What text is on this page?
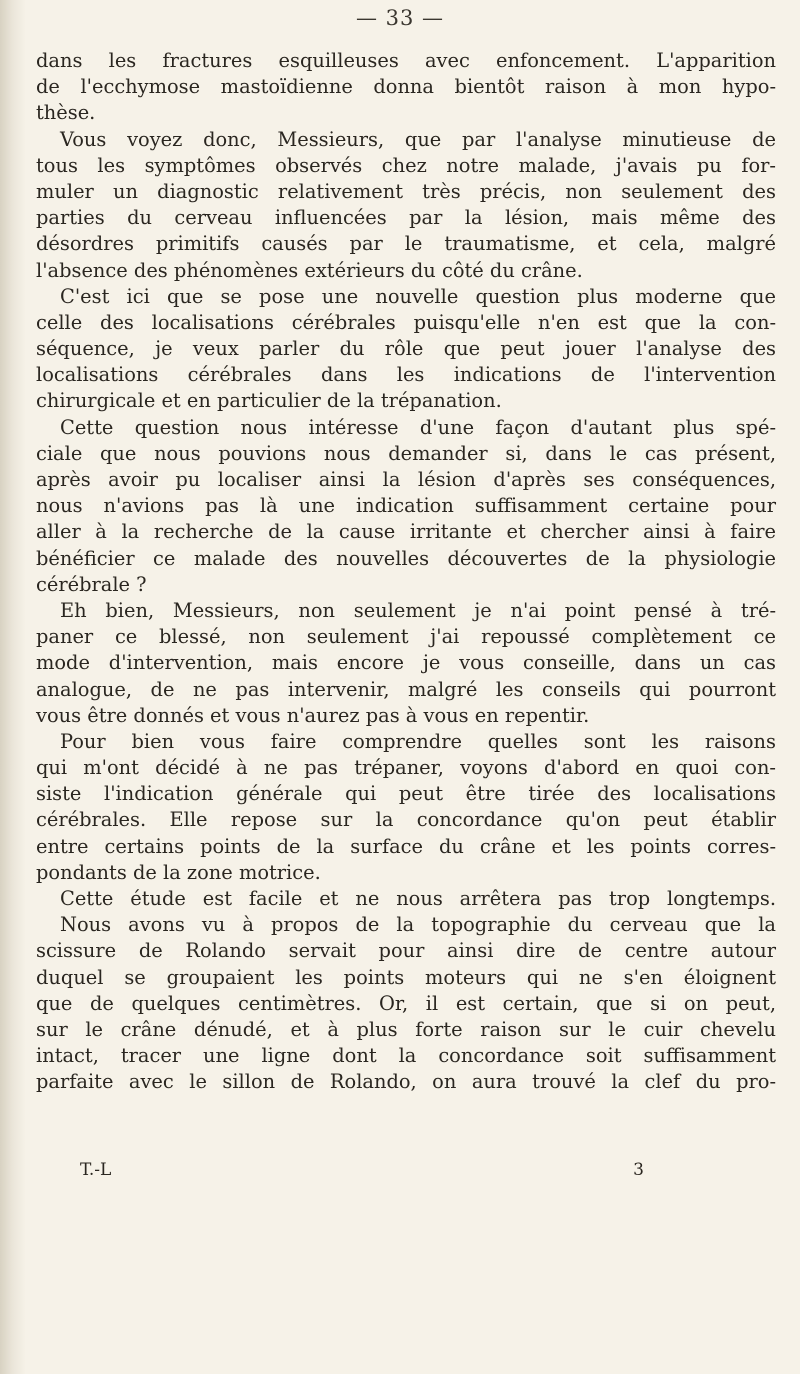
— 33 —
dans les fractures esquilleuses avec enfoncement. L'apparition
de l'ecchymose mastoïdienne donna bientôt raison à mon hypo-
thèse.
Vous voyez donc, Messieurs, que par l'analyse minutieuse de
tous les symptômes observés chez notre malade, j'avais pu for-
muler un diagnostic relativement très précis, non seulement des
parties du cerveau influencées par la lésion, mais même des
désordres primitifs causés par le traumatisme, et cela, malgré
l'absence des phénomènes extérieurs du côté du crâne.
C'est ici que se pose une nouvelle question plus moderne que
celle des localisations cérébrales puisqu'elle n'en est que la con-
séquence, je veux parler du rôle que peut jouer l'analyse des
localisations cérébrales dans les indications de l'intervention
chirurgicale et en particulier de la trépanation.
Cette question nous intéresse d'une façon d'autant plus spé-
ciale que nous pouvions nous demander si, dans le cas présent,
après avoir pu localiser ainsi la lésion d'après ses conséquences,
nous n'avions pas là une indication suffisamment certaine pour
aller à la recherche de la cause irritante et chercher ainsi à faire
bénéficier ce malade des nouvelles découvertes de la physiologie
cérébrale ?
Eh bien, Messieurs, non seulement je n'ai point pensé à tré-
paner ce blessé, non seulement j'ai repoussé complètement ce
mode d'intervention, mais encore je vous conseille, dans un cas
analogue, de ne pas intervenir, malgré les conseils qui pourront
vous être donnés et vous n'aurez pas à vous en repentir.
Pour bien vous faire comprendre quelles sont les raisons
qui m'ont décidé à ne pas trépaner, voyons d'abord en quoi con-
siste l'indication générale qui peut être tirée des localisations
cérébrales. Elle repose sur la concordance qu'on peut établir
entre certains points de la surface du crâne et les points corres-
pondants de la zone motrice.
Cette étude est facile et ne nous arrêtera pas trop longtemps.
Nous avons vu à propos de la topographie du cerveau que la
scissure de Rolando servait pour ainsi dire de centre autour
duquel se groupaient les points moteurs qui ne s'en éloignent
que de quelques centimètres. Or, il est certain, que si on peut,
sur le crâne dénudé, et à plus forte raison sur le cuir chevelu
intact, tracer une ligne dont la concordance soit suffisamment
parfaite avec le sillon de Rolando, on aura trouvé la clef du pro-
T.-L	3
